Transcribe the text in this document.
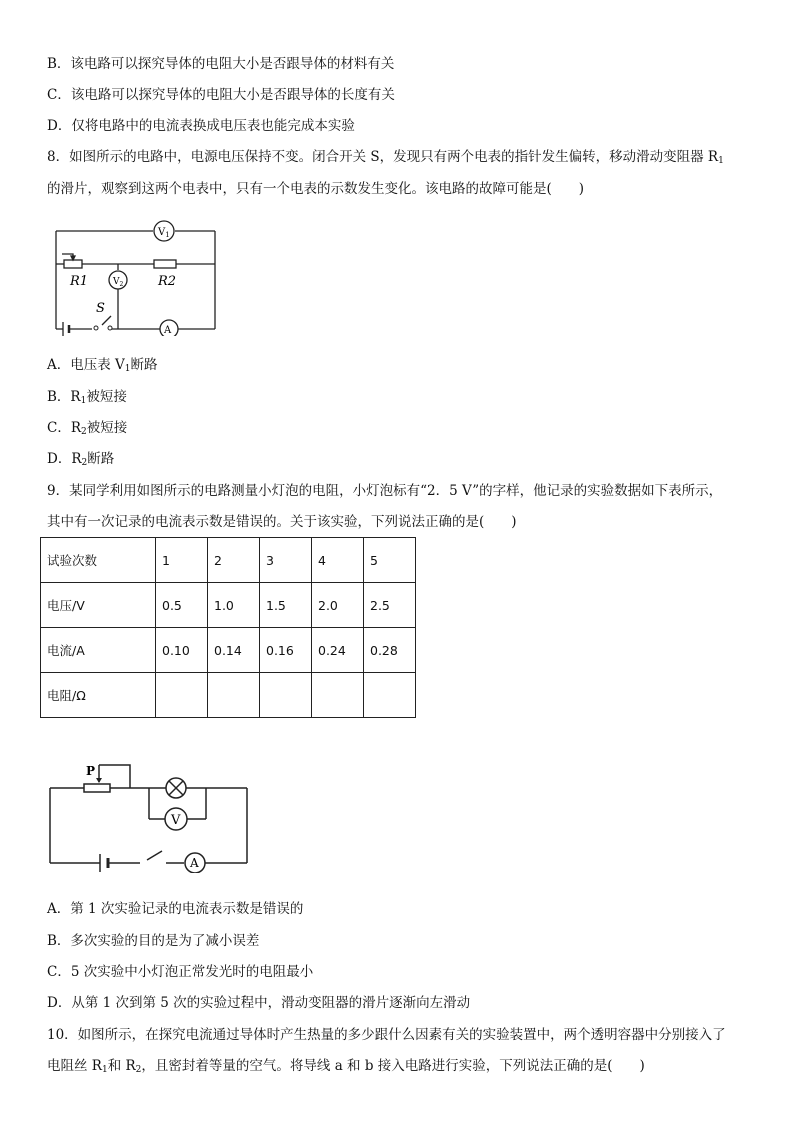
B．该电路可以探究导体的电阻大小是否跟导体的材料有关
C．该电路可以探究导体的电阻大小是否跟导体的长度有关
D．仅将电路中的电流表换成电压表也能完成本实验
8．如图所示的电路中，电源电压保持不变。闭合开关 S，发现只有两个电表的指针发生偏转，移动滑动变阻器 $R_1$
的滑片，观察到这两个电表中，只有一个电表的示数发生变化。该电路的故障可能是(　　)
$V_1$
$V_2$
A
R1	R2
S
A．电压表 $V_1$断路
B．$R_1$被短接
C．$R_2$被短接
D．$R_2$断路
9．某同学利用如图所示的电路测量小灯泡的电阻，小灯泡标有“2．5 V”的字样，他记录的实验数据如下表所示，
其中有一次记录的电流表示数是错误的。关于该实验，下列说法正确的是(　　)
试验次数	1	2	3	4	5
电压/V	0.5	1.0	1.5	2.0	2.5
电流/A	0.10	0.14	0.16	0.24	0.28
电阻/Ω					
P
V
A
A．第 1 次实验记录的电流表示数是错误的
B．多次实验的目的是为了减小误差
C．5 次实验中小灯泡正常发光时的电阻最小
D．从第 1 次到第 5 次的实验过程中，滑动变阻器的滑片逐渐向左滑动
10．如图所示，在探究电流通过导体时产生热量的多少跟什么因素有关的实验装置中，两个透明容器中分别接入了
电阻丝 $R_1$和 $R_2$，且密封着等量的空气。将导线 a 和 b 接入电路进行实验，下列说法正确的是(　　)
